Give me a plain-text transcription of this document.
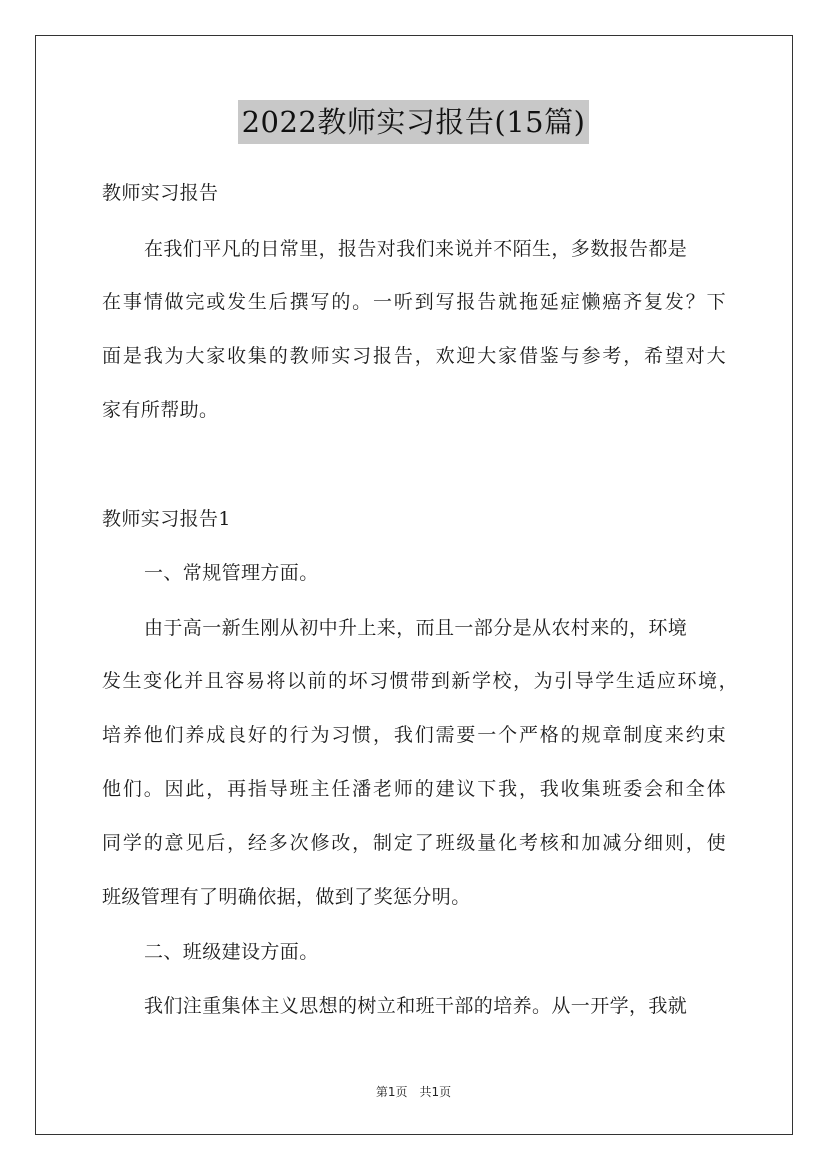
2022教师实习报告(15篇)
教师实习报告
在我们平凡的日常里，报告对我们来说并不陌生，多数报告都是
在事情做完或发生后撰写的。一听到写报告就拖延症懒癌齐复发？下
面是我为大家收集的教师实习报告，欢迎大家借鉴与参考，希望对大
家有所帮助。
教师实习报告1
一、常规管理方面。
由于高一新生刚从初中升上来，而且一部分是从农村来的，环境
发生变化并且容易将以前的坏习惯带到新学校，为引导学生适应环境，
培养他们养成良好的行为习惯，我们需要一个严格的规章制度来约束
他们。因此，再指导班主任潘老师的建议下我，我收集班委会和全体
同学的意见后，经多次修改，制定了班级量化考核和加减分细则，使
班级管理有了明确依据，做到了奖惩分明。
二、班级建设方面。
我们注重集体主义思想的树立和班干部的培养。从一开学，我就
第1页　共1页
